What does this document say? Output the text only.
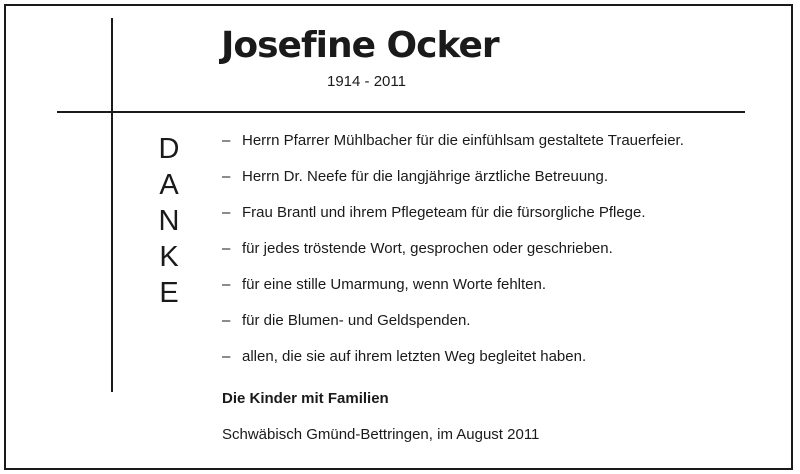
Josefine Ocker
1914 - 2011
D
A
N
K
E
– Herrn Pfarrer Mühlbacher für die einfühlsam gestaltete Trauerfeier.
– Herrn Dr. Neefe für die langjährige ärztliche Betreuung.
– Frau Brantl und ihrem Pflegeteam für die fürsorgliche Pflege.
– für jedes tröstende Wort, gesprochen oder geschrieben.
– für eine stille Umarmung, wenn Worte fehlten.
– für die Blumen- und Geldspenden.
– allen, die sie auf ihrem letzten Weg begleitet haben.
Die Kinder mit Familien
Schwäbisch Gmünd-Bettringen, im August 2011
